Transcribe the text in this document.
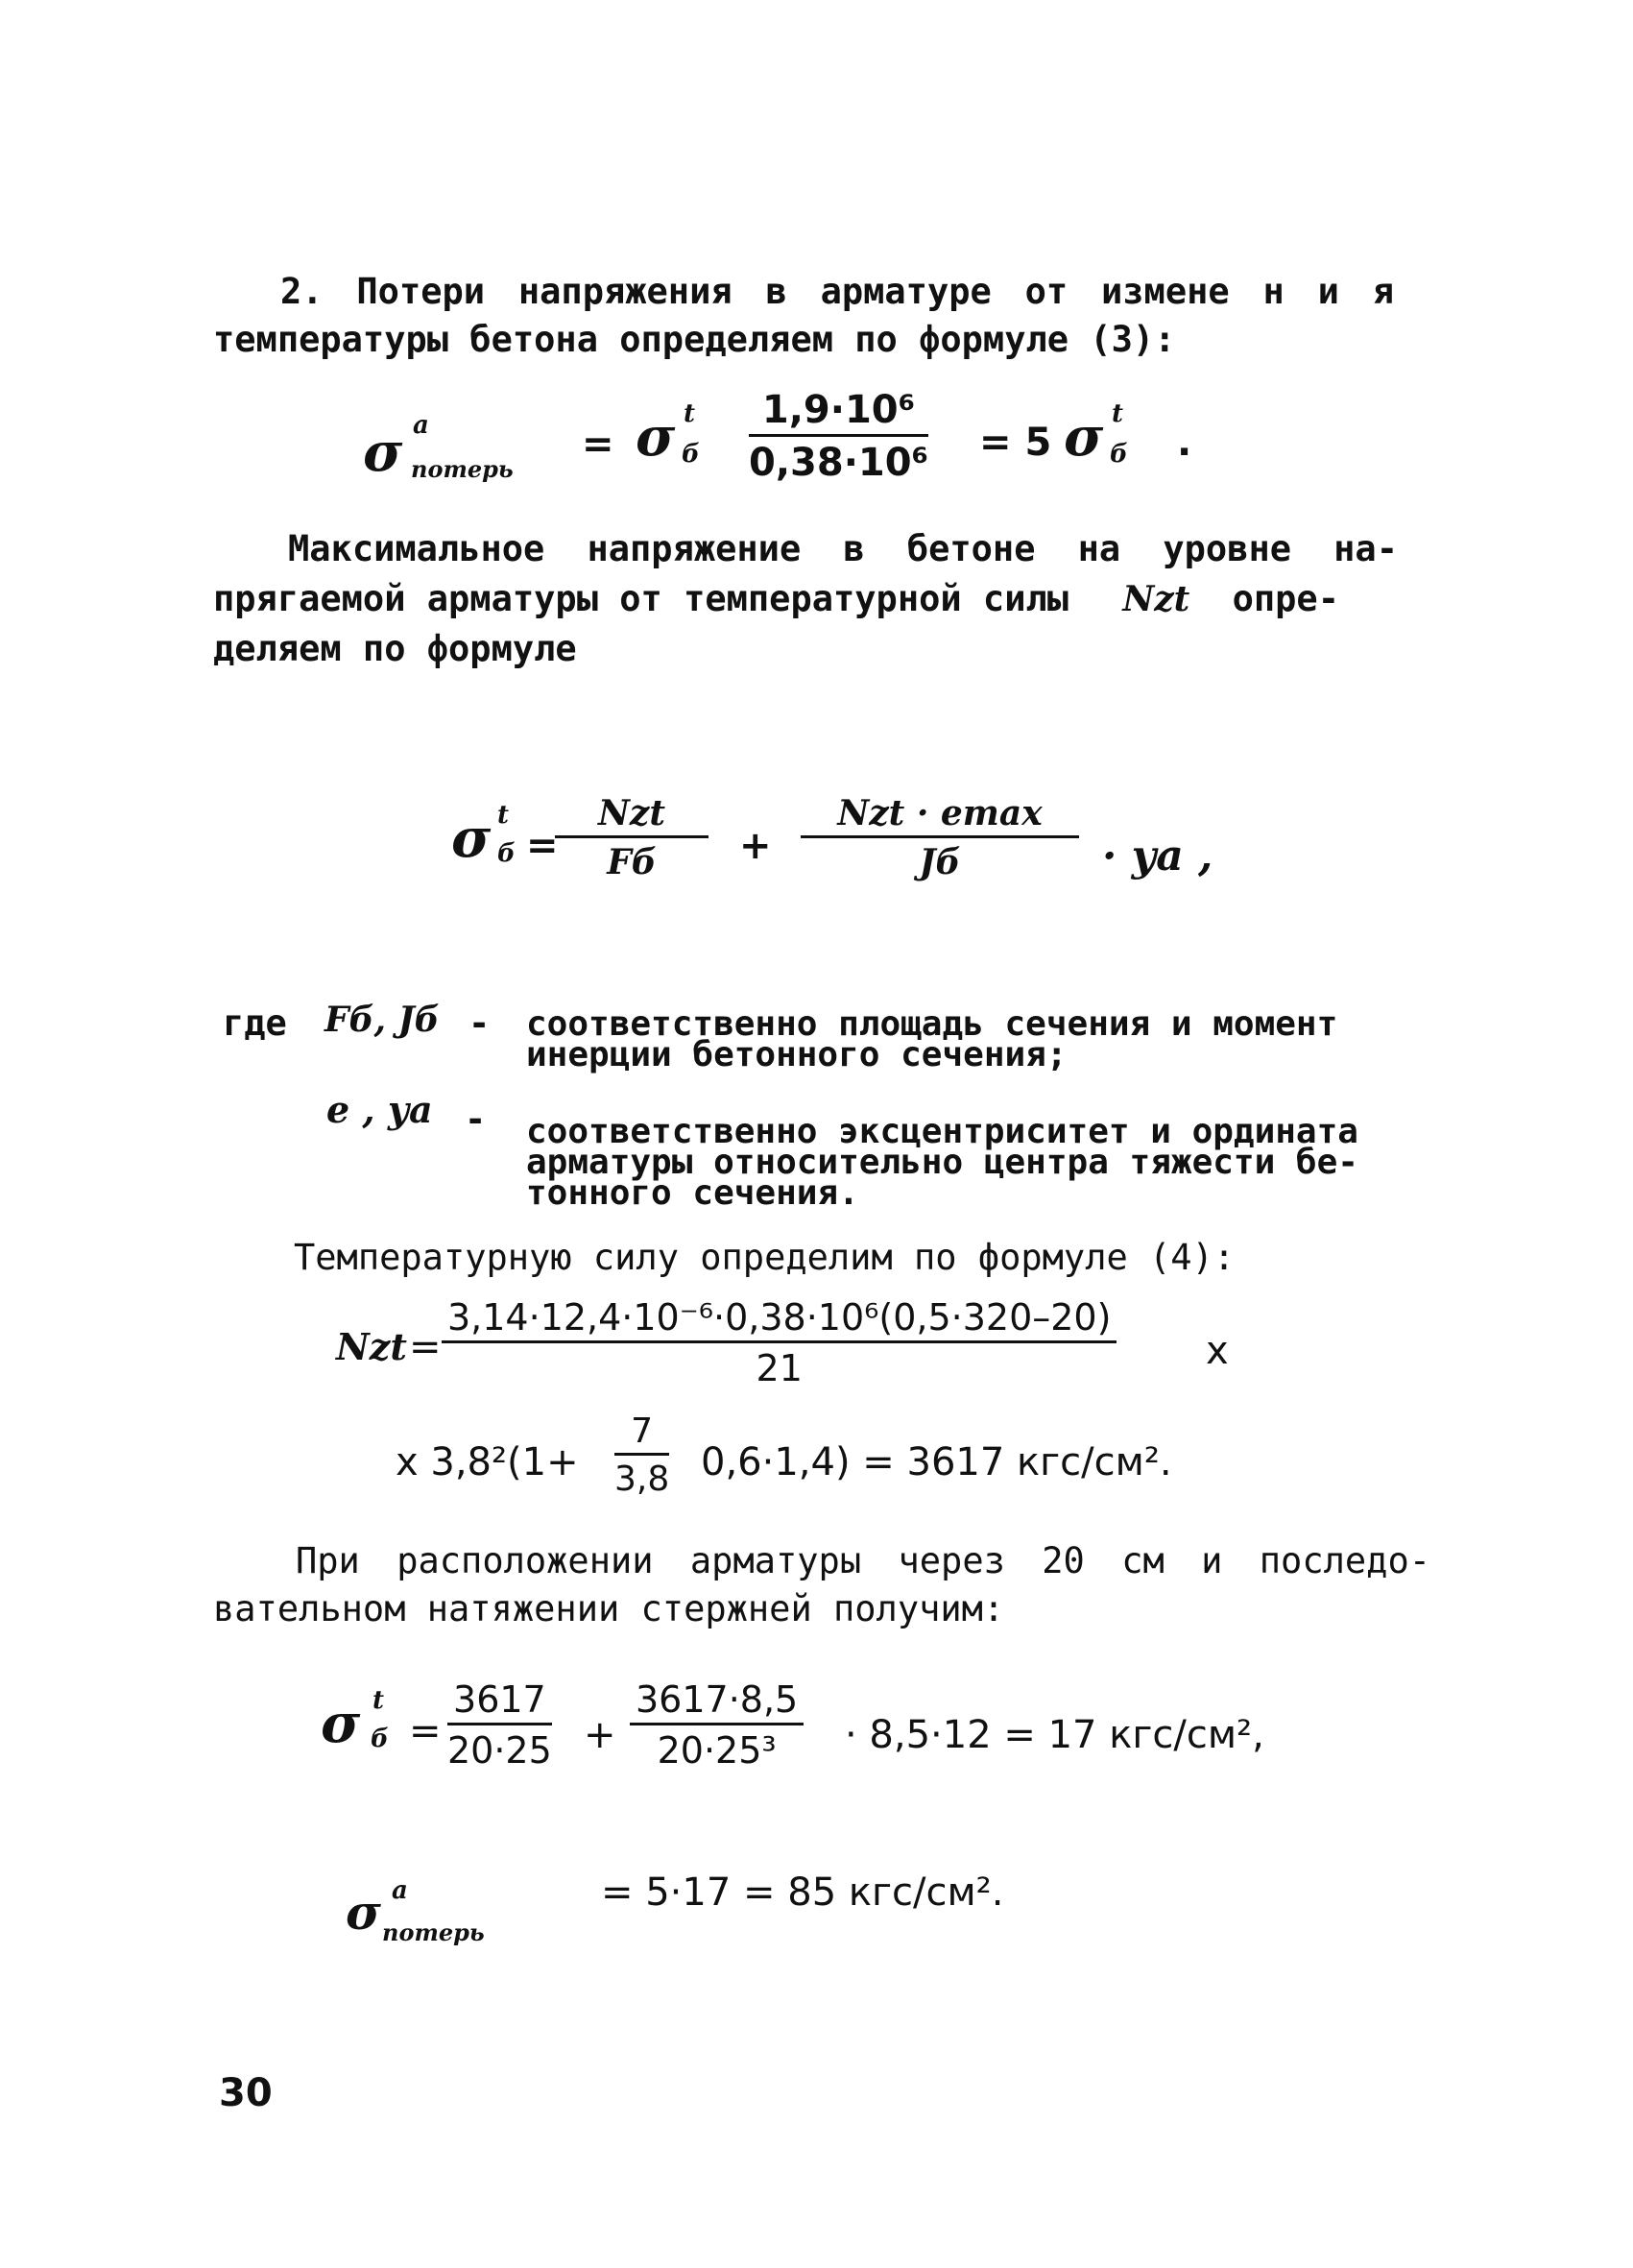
2. Потери напряжения в арматуре от измене н и я
температуры бетона определяем по формуле (3):
σ a
потерь
= σ t
б $\frac{\text{1,9·10⁶}}{\text{0,38·10⁶}} = 5$ σ t
б .
Максимальное напряжение в бетоне на уровне на-
прягаемой арматуры от температурной силы Nzt опре-
деляем по формуле
σ t
б =
Nzt
Fб	+
Nzt · emax
Jб	· ya ,
где Fб, Jб - соответственно площадь сечения и момент
инерции бетонного сечения;
e , ya - соответственно эксцентриситет и ордината
арматуры относительно центра тяжести бе-
тонного сечения.
Температурную силу определим по формуле (4):
Nzt = $\frac{\text{3,14·12,4·10⁻⁶·0,38·10⁶(0,5·320–20)}}{21}$ x
x $3,8^2(1+ \frac{7}{3,8} 0,6\cdot 1,4) = 3617$ кгс/см².
При расположении арматуры через 20 см и последо-
вательном натяжении стержней получим:
σ t
$б = \frac{3617}{20\cdot 25} + \frac{3617\cdot 8,5}{\text{20·25³}} \cdot 8,5\cdot 12 = 17$ кгс/см²,
σ a
потерь
= 5·17 = 85 кгс/см².
30
